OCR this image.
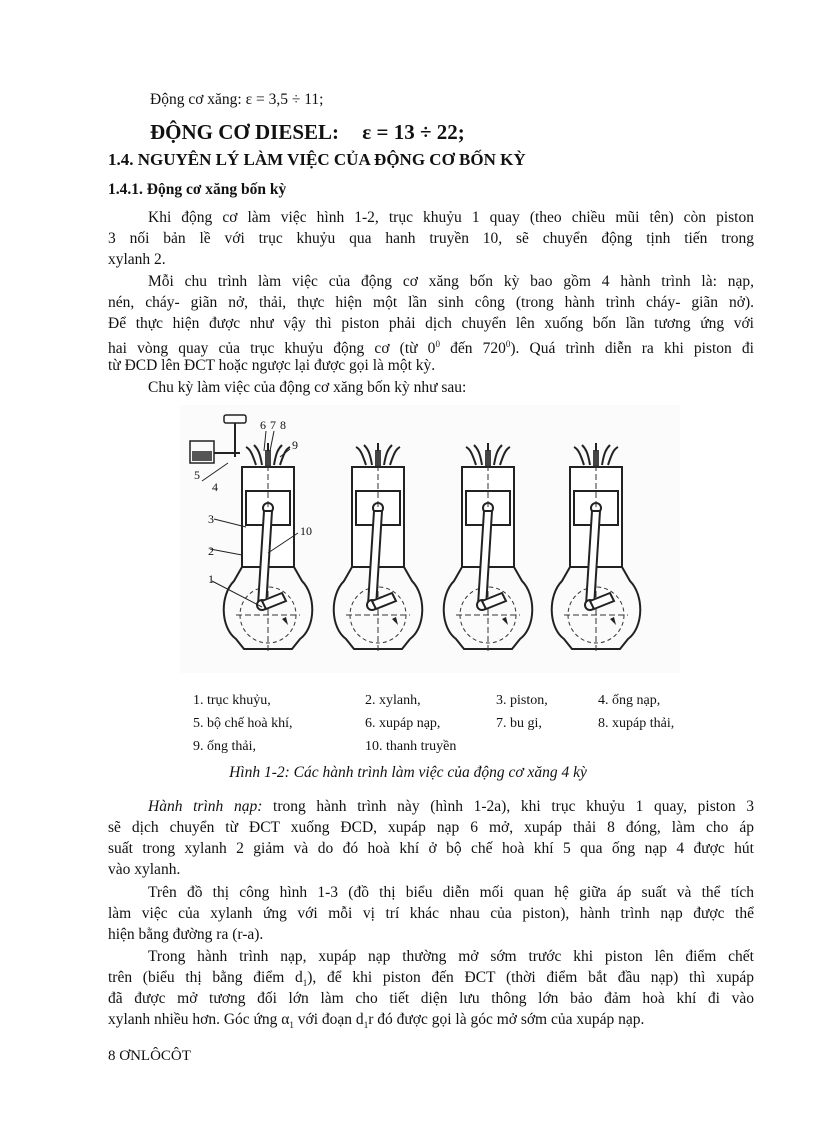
Động cơ xăng: ε = 3,5 ÷ 11;
ĐỘNG CƠ DIESEL: ε = 13 ÷ 22;
1.4. NGUYÊN LÝ LÀM VIỆC CỦA ĐỘNG CƠ BỐN KỲ
1.4.1. Động cơ xăng bốn kỳ
Khi động cơ làm việc hình 1-2, trục khuỷu 1 quay (theo chiều mũi tên) còn piston
3 nối bản lề với trục khuỷu qua hanh truyền 10, sẽ chuyển động tịnh tiến trong
xylanh 2.
Mỗi chu trình làm việc của động cơ xăng bốn kỳ bao gồm 4 hành trình là: nạp,
nén, cháy- giãn nở, thải, thực hiện một lần sinh công (trong hành trình cháy- giãn nở).
Để thực hiện được như vậy thì piston phải dịch chuyển lên xuống bốn lần tương ứng với
hai vòng quay của trục khuỷu động cơ (từ $0^0$ đến $720^0$). Quá trình diễn ra khi piston đi
từ ĐCD lên ĐCT hoặc ngược lại được gọi là một kỳ.
Chu kỳ làm việc của động cơ xăng bốn kỳ như sau:
6 7 8
9
5
4
3
10
2
1
1. trục khuỷu,	2. xylanh,	3. piston,	4. ống nạp,
5. bộ chế hoà khí,	6. xupáp nạp,	7. bu gi,	8. xupáp thải,
9. ống thải,	10. thanh truyền
Hình 1-2: Các hành trình làm việc của động cơ xăng 4 kỳ
Hành trình nạp: trong hành trình này (hình 1-2a), khi trục khuỷu 1 quay, piston 3
sẽ dịch chuyển từ ĐCT xuống ĐCD, xupáp nạp 6 mở, xupáp thải 8 đóng, làm cho áp
suất trong xylanh 2 giảm và do đó hoà khí ở bộ chế hoà khí 5 qua ống nạp 4 được hút
vào xylanh.
Trên đồ thị công hình 1-3 (đồ thị biểu diễn mối quan hệ giữa áp suất và thể tích
làm việc của xylanh ứng với mỗi vị trí khác nhau của piston), hành trình nạp được thể
hiện bằng đường ra (r-a).
Trong hành trình nạp, xupáp nạp thường mở sớm trước khi piston lên điểm chết
trên (biểu thị bằng điểm $d_1$), để khi piston đến ĐCT (thời điểm bắt đầu nạp) thì xupáp
đã được mở tương đối lớn làm cho tiết diện lưu thông lớn bảo đảm hoà khí đi vào
xylanh nhiều hơn. Góc ứng $\alpha_1$ với đoạn $d_1r$ đó được gọi là góc mở sớm của xupáp nạp.
8 ƠNLÔCÔT
